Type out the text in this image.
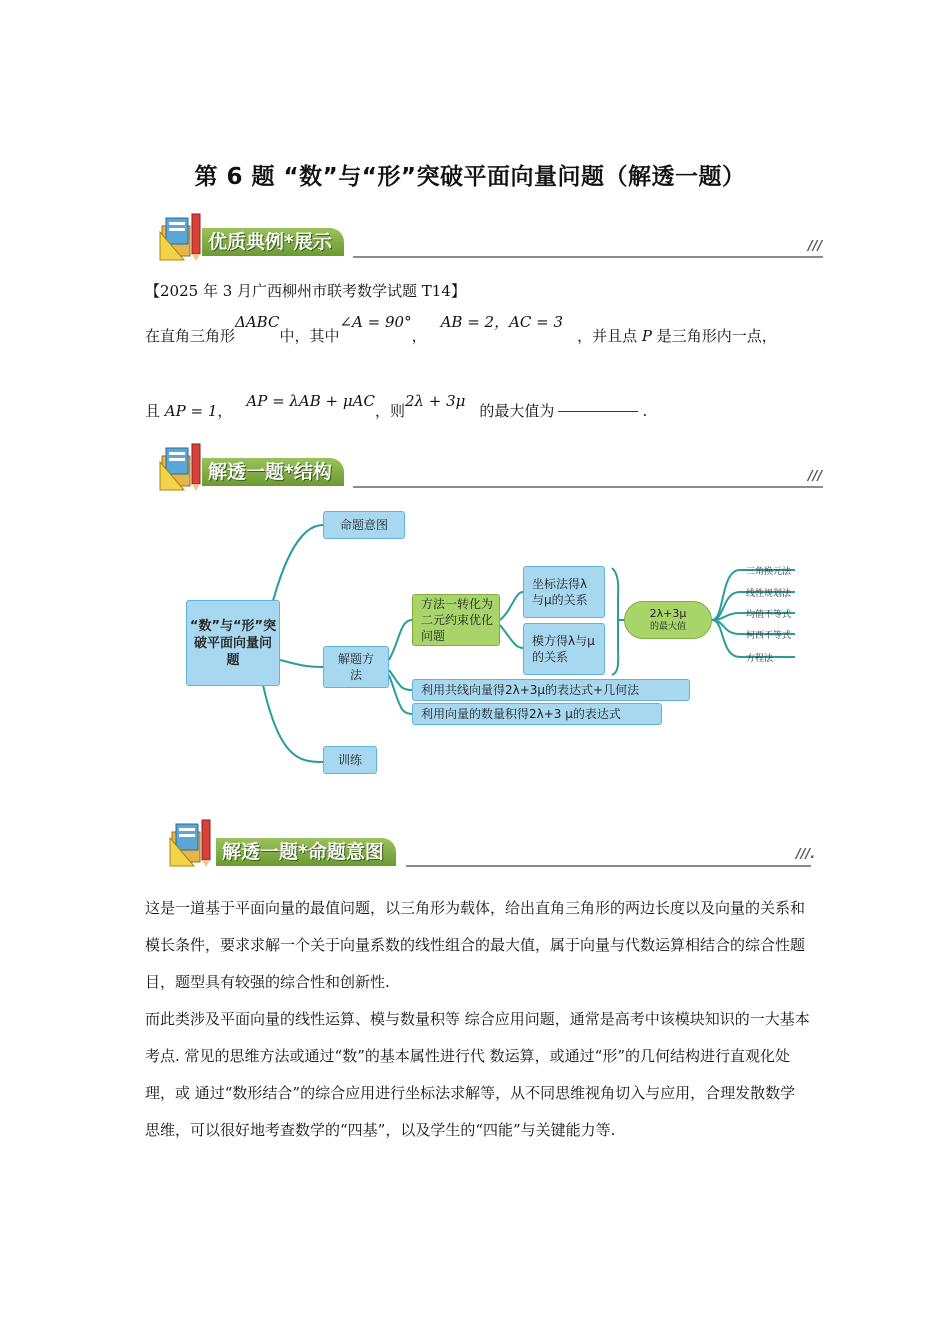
第 6 题 “数”与“形”突破平面向量问题（解透一题）
优质典例*展示	///
【2025 年 3 月广西柳州市联考数学试题 T14】
在直角三角形ΔABC中，其中∠A = 90°，AB = 2，AC = 3，并且点 P 是三角形内一点，
且 AP = 1，AP = λAB + μAC，则2λ + 3μ的最大值为	.
解透一题*结构	///
“数”与“形”突破平面向量问题
命题意图
解题方法
训练
方法一转化为二元约束优化问题
坐标法得λ与μ的关系
模方得λ与μ的关系
2λ+3μ
的最大值
利用共线向量得2λ+3μ的表达式+几何法
利用向量的数量积得2λ+3 μ的表达式
三角换元法
线性规划法
均值不等式
柯西不等式
方程法
解透一题*命题意图	///.

这是一道基于平面向量的最值问题，以三角形为载体，给出直角三角形的两边长度以及向量的关系和模长条件，要求求解一个关于向量系数的线性组合的最大值，属于向量与代数运算相结合的综合性题目，题型具有较强的综合性和创新性.

而此类涉及平面向量的线性运算、模与数量积等 综合应用问题，通常是高考中该模块知识的一大基本考点. 常见的思维方法或通过“数”的基本属性进行代 数运算，或通过“形”的几何结构进行直观化处理，或 通过“数形结合”的综合应用进行坐标法求解等，从不同思维视角切入与应用，合理发散数学思维，可以很好地考查数学的“四基”，以及学生的“四能”与关键能力等.
